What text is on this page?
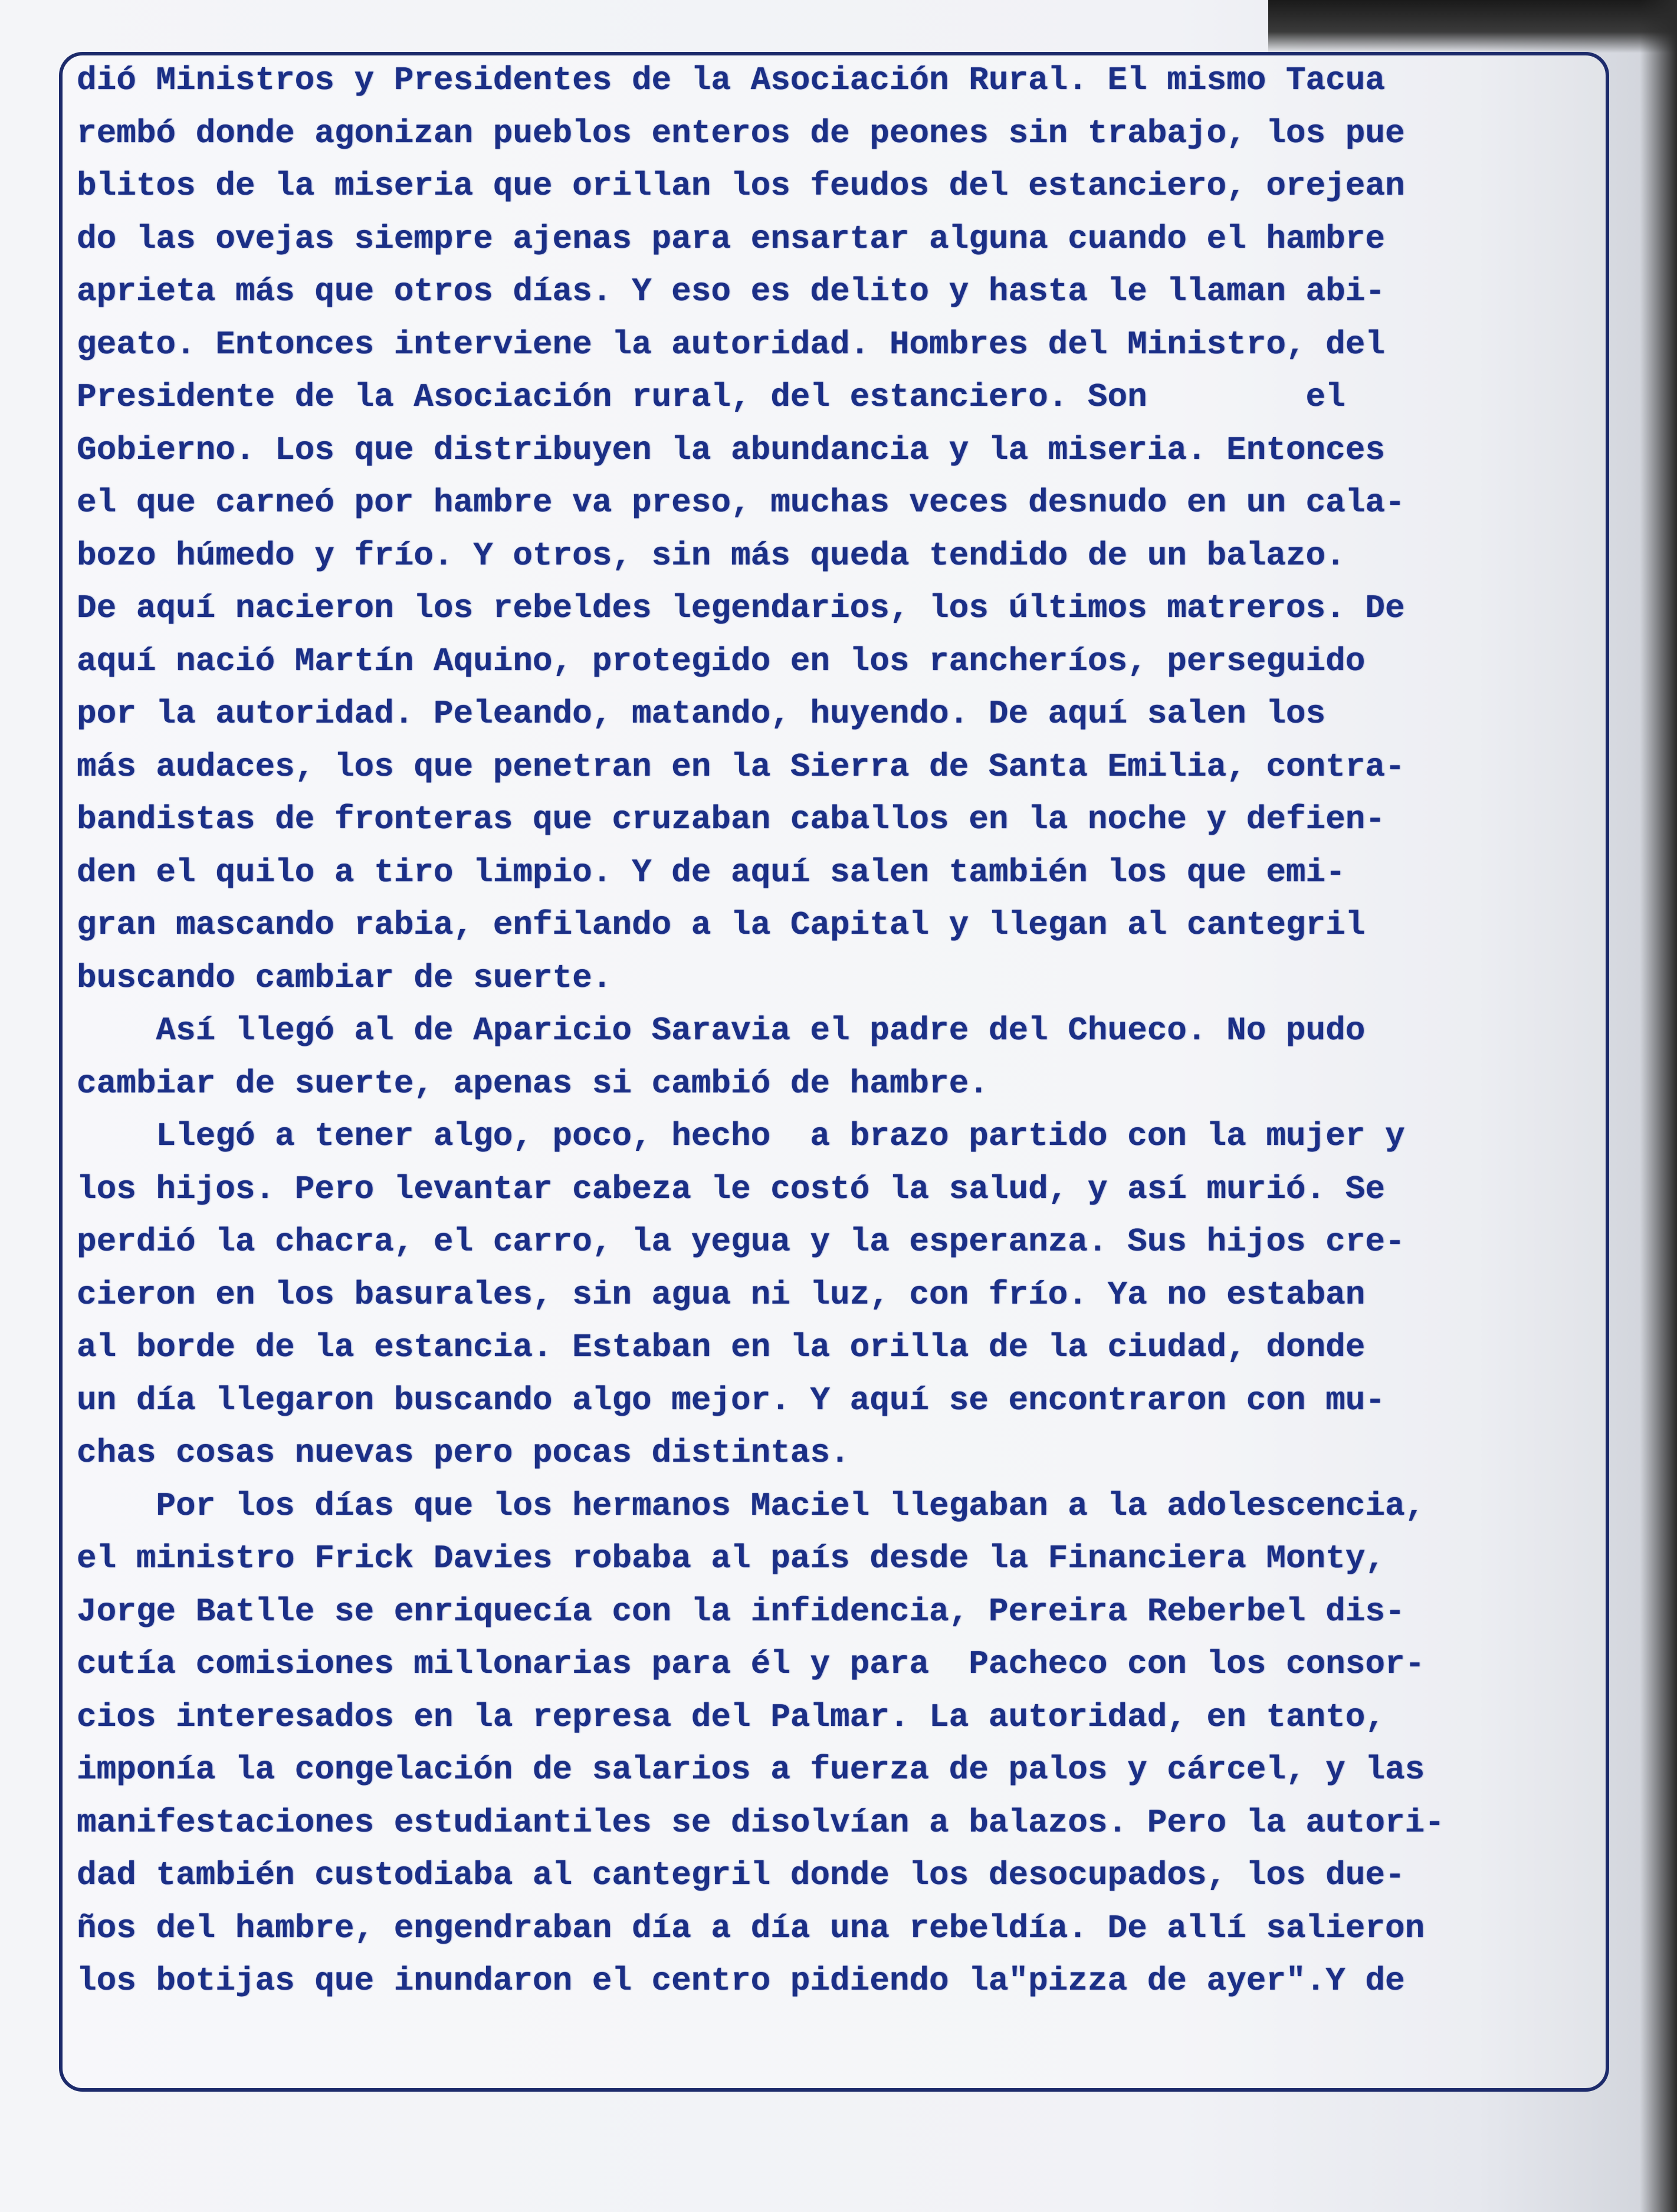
dió Ministros y Presidentes de la Asociación Rural. El mismo Tacua
rembó donde agonizan pueblos enteros de peones sin trabajo, los pue
blitos de la miseria que orillan los feudos del estanciero, orejean
do las ovejas siempre ajenas para ensartar alguna cuando el hambre
aprieta más que otros días. Y eso es delito y hasta le llaman abi-
geato. Entonces interviene la autoridad. Hombres del Ministro, del
Presidente de la Asociación rural, del estanciero. Son        el
Gobierno. Los que distribuyen la abundancia y la miseria. Entonces
el que carneó por hambre va preso, muchas veces desnudo en un cala-
bozo húmedo y frío. Y otros, sin más queda tendido de un balazo.
De aquí nacieron los rebeldes legendarios, los últimos matreros. De
aquí nació Martín Aquino, protegido en los rancheríos, perseguido
por la autoridad. Peleando, matando, huyendo. De aquí salen los
más audaces, los que penetran en la Sierra de Santa Emilia, contra-
bandistas de fronteras que cruzaban caballos en la noche y defien-
den el quilo a tiro limpio. Y de aquí salen también los que emi-
gran mascando rabia, enfilando a la Capital y llegan al cantegril
buscando cambiar de suerte.
Así llegó al de Aparicio Saravia el padre del Chueco. No pudo
cambiar de suerte, apenas si cambió de hambre.
Llegó a tener algo, poco, hecho  a brazo partido con la mujer y
los hijos. Pero levantar cabeza le costó la salud, y así murió. Se
perdió la chacra, el carro, la yegua y la esperanza. Sus hijos cre-
cieron en los basurales, sin agua ni luz, con frío. Ya no estaban
al borde de la estancia. Estaban en la orilla de la ciudad, donde
un día llegaron buscando algo mejor. Y aquí se encontraron con mu-
chas cosas nuevas pero pocas distintas.
Por los días que los hermanos Maciel llegaban a la adolescencia,
el ministro Frick Davies robaba al país desde la Financiera Monty,
Jorge Batlle se enriquecía con la infidencia, Pereira Reberbel dis-
cutía comisiones millonarias para él y para  Pacheco con los consor-
cios interesados en la represa del Palmar. La autoridad, en tanto,
imponía la congelación de salarios a fuerza de palos y cárcel, y las
manifestaciones estudiantiles se disolvían a balazos. Pero la autori-
dad también custodiaba al cantegril donde los desocupados, los due-
ños del hambre, engendraban día a día una rebeldía. De allí salieron
los botijas que inundaron el centro pidiendo la"pizza de ayer".Y de
